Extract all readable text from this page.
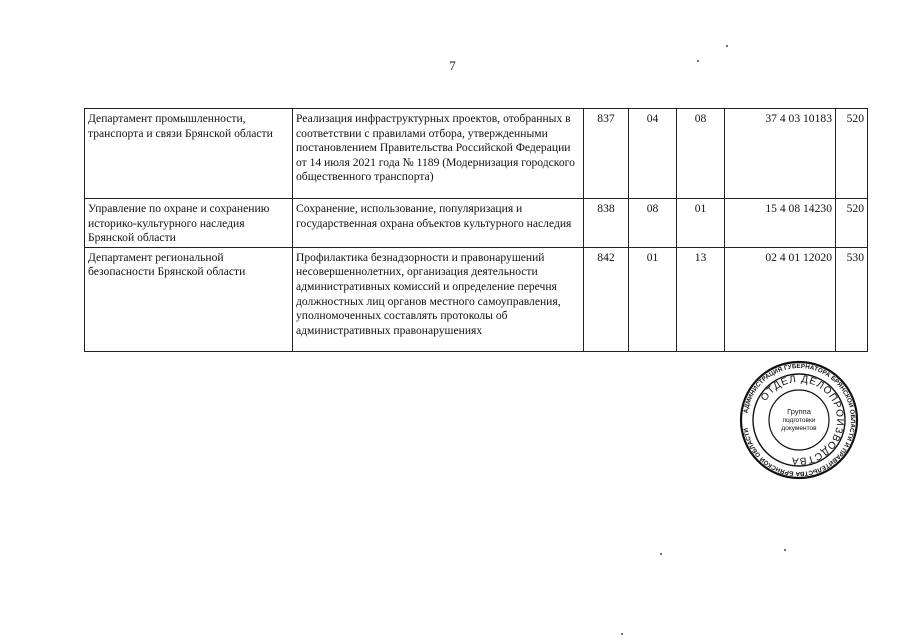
7
Департамент промышленности, транспорта и связи Брянской области	Реализация инфраструктурных проектов, отобранных в соответствии с правилами отбора, утвержденными постановлением Правительства Российской Федерации от 14 июля 2021 года № 1189 (Модернизация городского общественного транспорта)	837	04	08	37 4 03 10183	520
Управление по охране и сохранению историко-культурного наследия Брянской области	Сохранение, использование, популяризация и государственная охрана объектов культурного наследия	838	08	01	15 4 08 14230	520
Департамент региональной безопасности Брянской области	Профилактика безнадзорности и правонарушений несовершеннолетних, организация деятельности административных комиссий и определение перечня должностных лиц органов местного самоуправления, уполномоченных составлять протоколы об административных правонарушениях	842	01	13	02 4 01 12020	530
АДМИНИСТРАЦИЯ ГУБЕРНАТОРА БРЯНСКОЙ ОБЛАСТИ И ПРАВИТЕЛЬСТВА БРЯНСКОЙ ОБЛАСТИ
ОТДЕЛ ДЕЛОПРОИЗВОДСТВА
Группа
подготовки
документов
